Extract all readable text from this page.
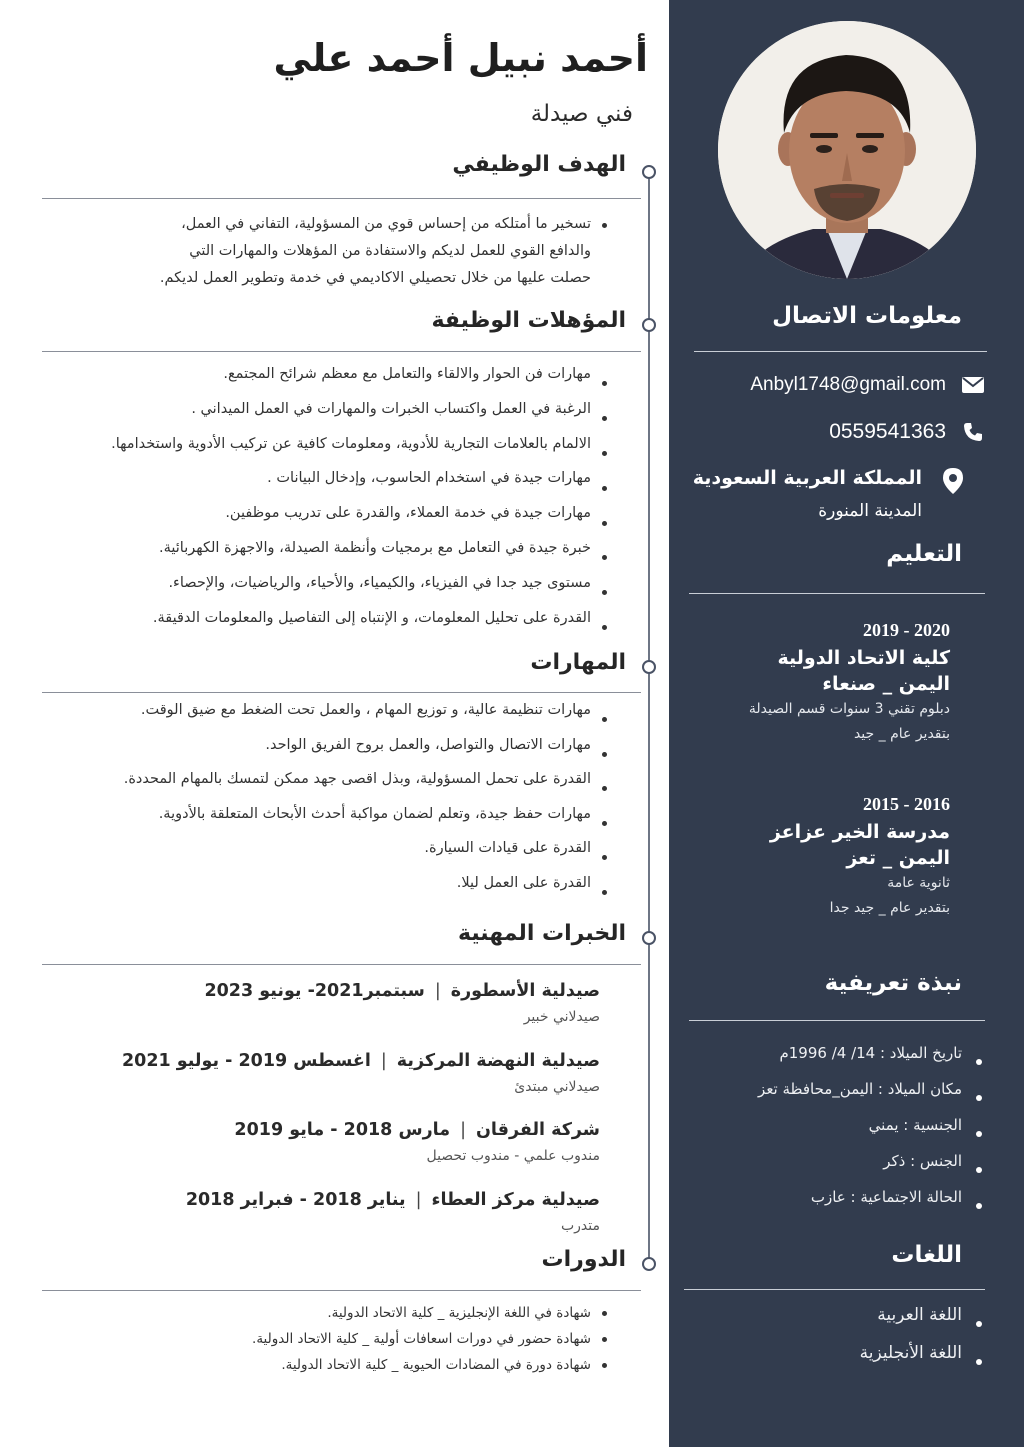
معلومات الاتصال
Anbyl1748@gmail.com
0559541363
المملكة العربية السعودية
المدينة المنورة
التعليم
2019 - 2020
كلية الاتحاد الدولية
اليمن _ صنعاء
دبلوم تقني 3 سنوات قسم الصيدلة
بتقدير عام _ جيد
2015 - 2016
مدرسة الخير عزاعز
اليمن _ تعز
ثانوية عامة
بتقدير عام _ جيد جدا
نبذة تعريفية
تاريخ الميلاد : 14/ 4/ 1996م
مكان الميلاد : اليمن_محافظة تعز
الجنسية : يمني
الجنس : ذكر
الحالة الاجتماعية : عازب
اللغات
اللغة العربية
اللغة الأنجليزية
أحمد نبيل أحمد علي
فني صيدلة
الهدف الوظيفي

تسخير ما أمتلكه من إحساس قوي من المسؤولية، التفاني في العمل، والدافع القوي للعمل لديكم والاستفادة من المؤهلات والمهارات التي حصلت عليها من خلال تحصيلي الاكاديمي في خدمة وتطوير العمل لديكم.

المؤهلات الوظيفة
مهارات فن الحوار والالقاء والتعامل مع معظم شرائح المجتمع.
الرغبة في العمل واكتساب الخبرات والمهارات في العمل الميداني .
الالمام بالعلامات التجارية للأدوية، ومعلومات كافية عن تركيب الأدوية واستخدامها.
مهارات جيدة في استخدام الحاسوب، وإدخال البيانات .
مهارات جيدة في خدمة العملاء، والقدرة على تدريب موظفين.
خبرة جيدة في التعامل مع برمجيات وأنظمة الصيدلة، والاجهزة الكهربائية.
مستوى جيد جدا في الفيزياء، والكيمياء، والأحياء، والرياضيات، والإحصاء.
القدرة على تحليل المعلومات، و الإنتباه إلى التفاصيل والمعلومات الدقيقة.
المهارات
مهارات تنظيمة عالية، و توزيع المهام ، والعمل تحت الضغط مع ضيق الوقت.
مهارات الاتصال والتواصل، والعمل بروح الفريق الواحد.
القدرة على تحمل المسؤولية، وبذل اقصى جهد ممكن لتمسك بالمهام المحددة.
مهارات حفظ جيدة، وتعلم لضمان مواكبة أحدث الأبحاث المتعلقة بالأدوية.
القدرة على قيادات السيارة.
القدرة على العمل ليلا.
الخبرات المهنية
صيدلية الأسطورة|سبتمبر2021- يونيو 2023
صيدلاني خبير
صيدلية النهضة المركزية|اغسطس 2019 - يوليو 2021
صيدلاني مبتدئ
شركة الفرقان|مارس 2018 - مايو 2019
مندوب علمي - مندوب تحصيل
صيدلية مركز العطاء|يناير 2018 - فبراير 2018
متدرب
الدورات
شهادة في اللغة الإنجليزية _ كلية الاتحاد الدولية.
شهادة حضور في دورات اسعافات أولية _ كلية الاتحاد الدولية.
شهادة دورة في المضادات الحيوية _ كلية الاتحاد الدولية.
